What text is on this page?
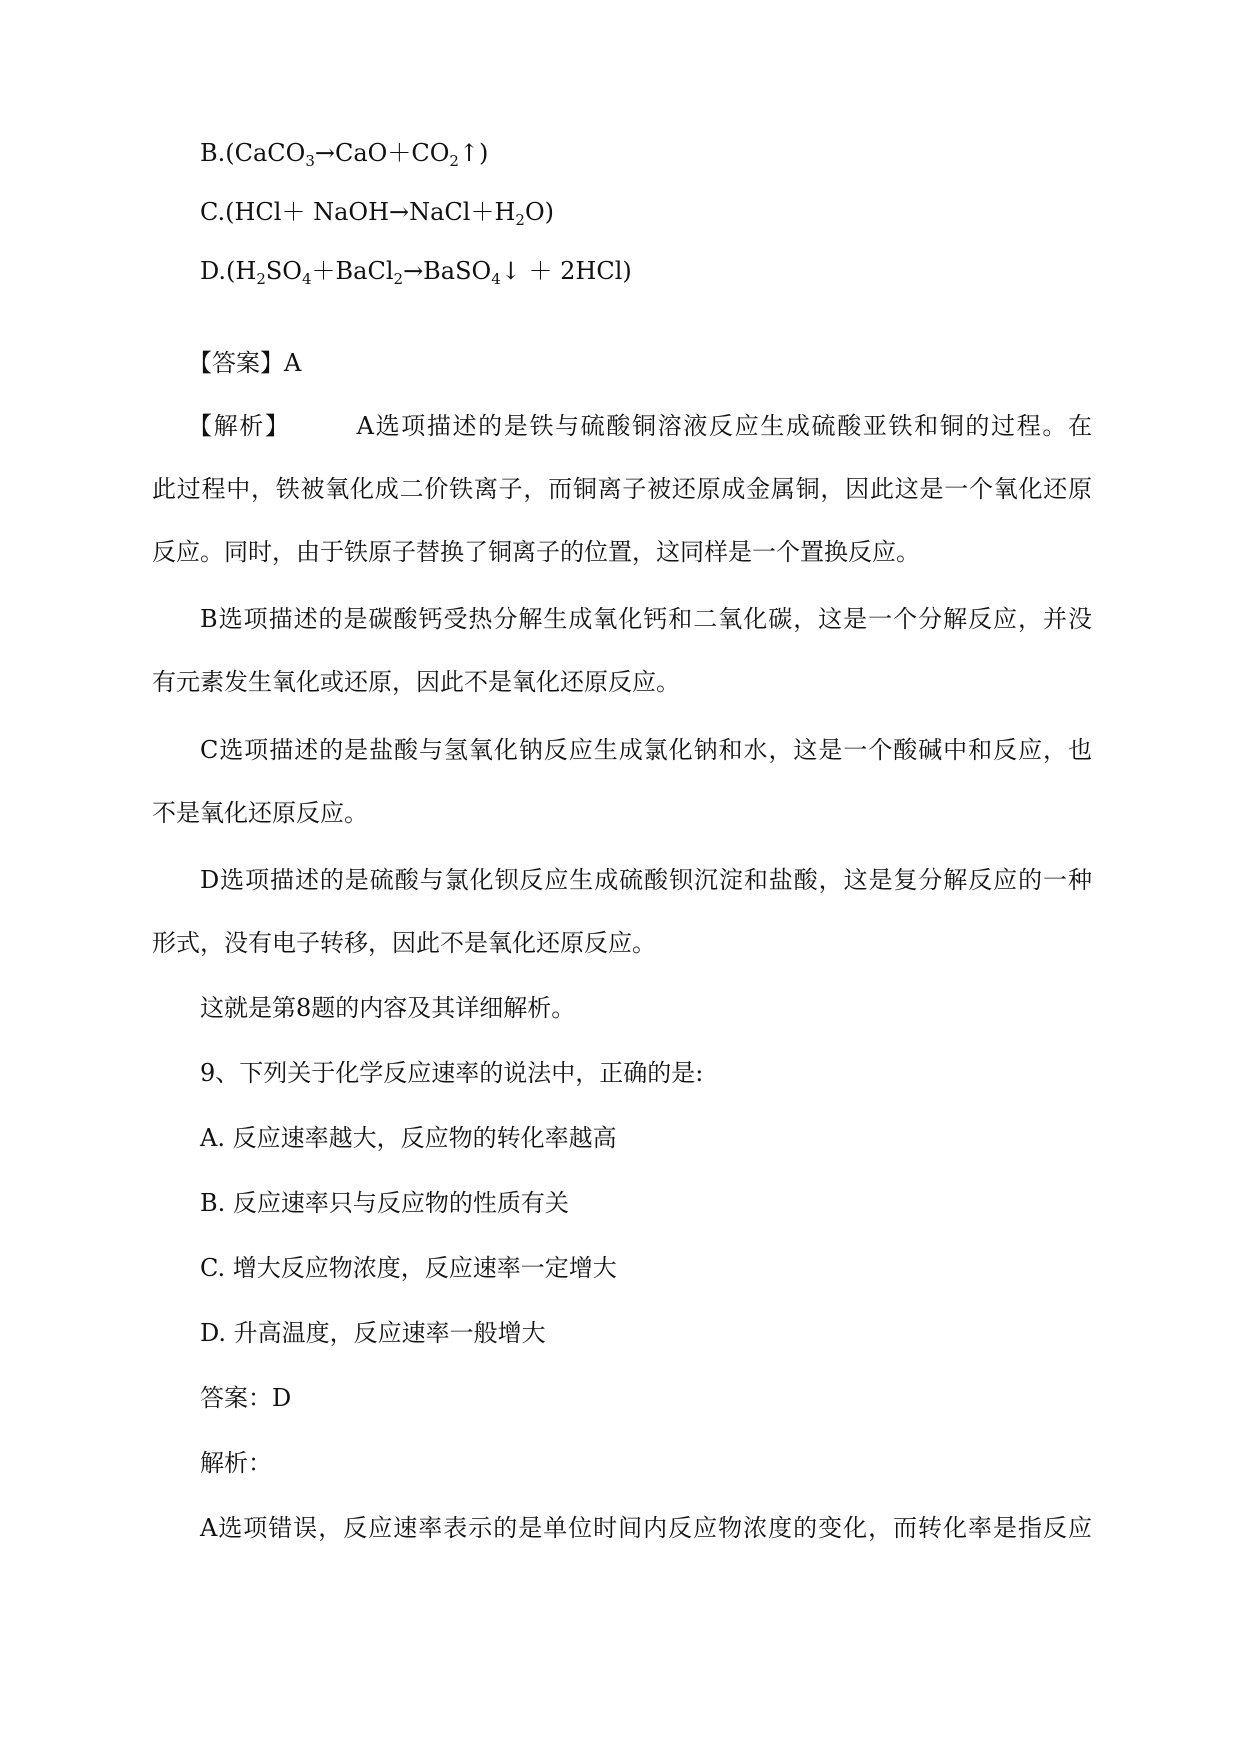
$B.(CaCO_3\to CaO+CO_2↑)$
$C.(HCl+ NaOH\to NaCl+H_2O)$
$D.(H_2SO_4+BaCl_2\to BaSO_4↓ + 2HCl)$
【答案】A
【解析】	A选项描述的是铁与硫酸铜溶液反应生成硫酸亚铁和铜的过程。在
此过程中，铁被氧化成二价铁离子，而铜离子被还原成金属铜，因此这是一个氧化还原
反应。同时，由于铁原子替换了铜离子的位置，这同样是一个置换反应。
B选项描述的是碳酸钙受热分解生成氧化钙和二氧化碳，这是一个分解反应，并没
有元素发生氧化或还原，因此不是氧化还原反应。
C选项描述的是盐酸与氢氧化钠反应生成氯化钠和水，这是一个酸碱中和反应，也
不是氧化还原反应。
D选项描述的是硫酸与氯化钡反应生成硫酸钡沉淀和盐酸，这是复分解反应的一种
形式，没有电子转移，因此不是氧化还原反应。
这就是第8题的内容及其详细解析。
9、下列关于化学反应速率的说法中，正确的是:
A. 反应速率越大，反应物的转化率越高
B. 反应速率只与反应物的性质有关
C. 增大反应物浓度，反应速率一定增大
D. 升高温度，反应速率一般增大
答案：D
解析：
A选项错误，反应速率表示的是单位时间内反应物浓度的变化，而转化率是指反应
